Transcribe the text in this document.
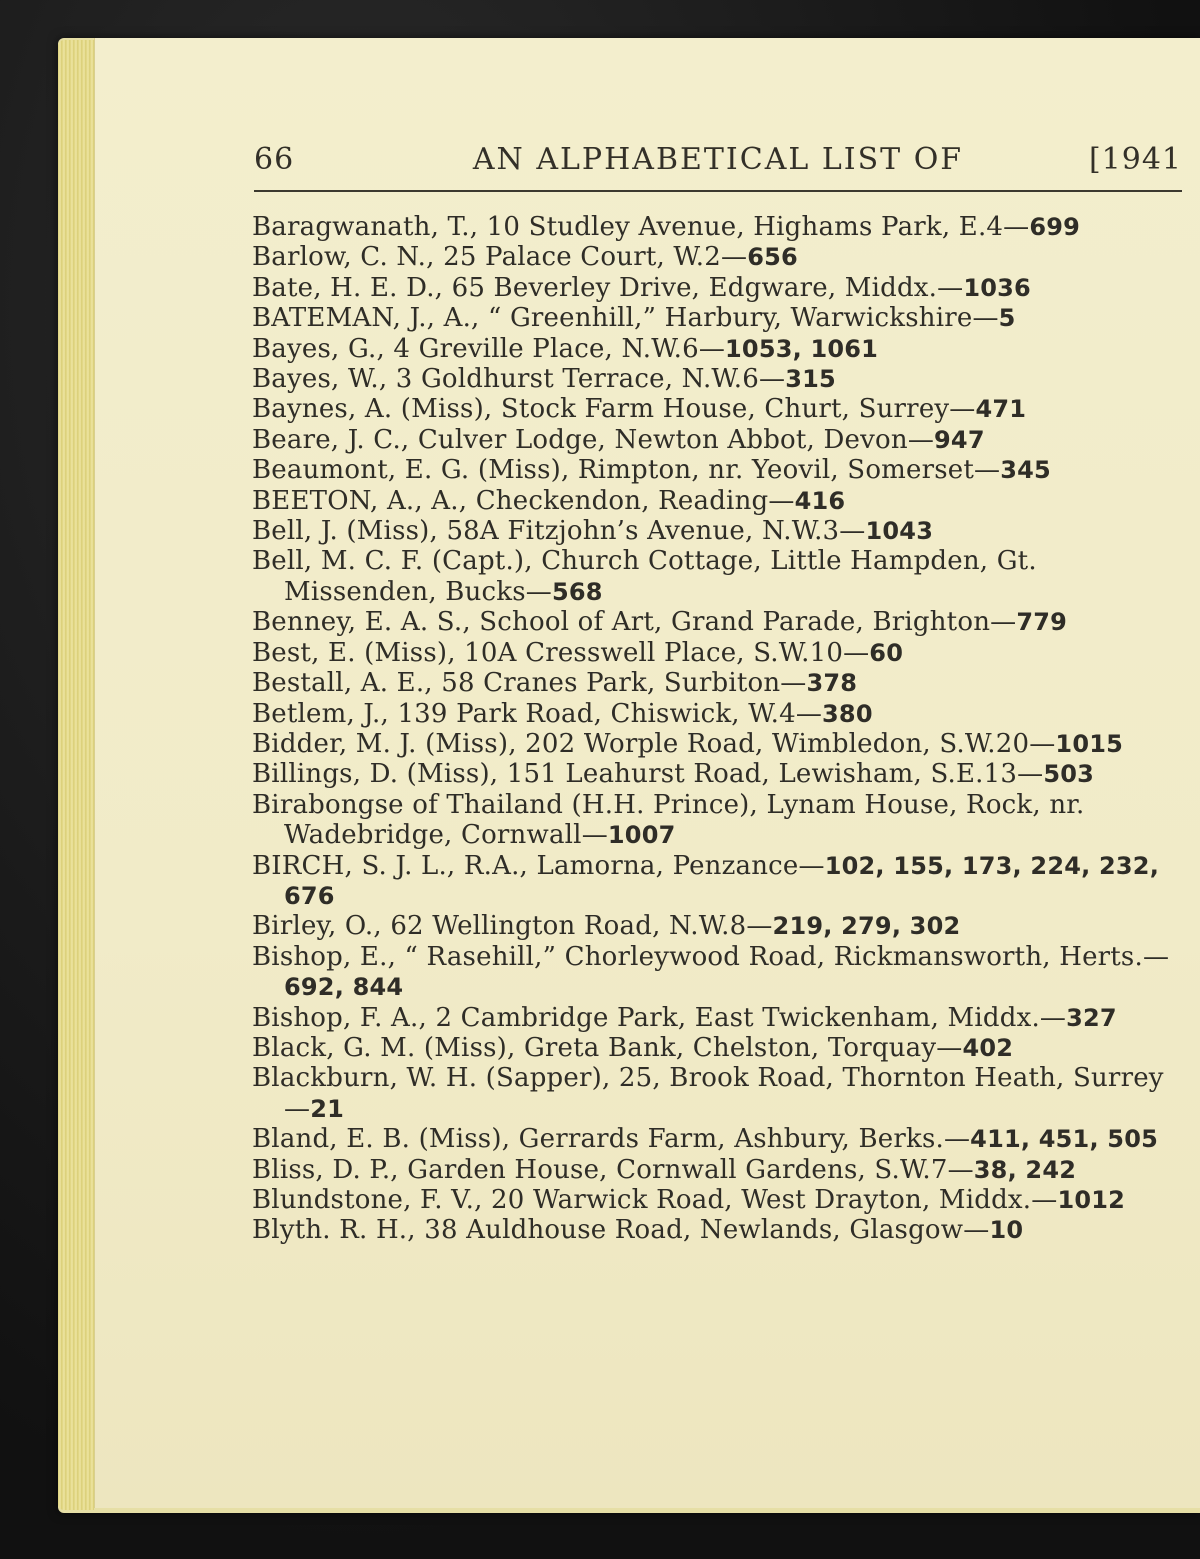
66	AN ALPHABETICAL LIST OF	[1941
Baragwanath, T., 10 Studley Avenue, Highams Park, E.4—699
Barlow, C. N., 25 Palace Court, W.2—656
Bate, H. E. D., 65 Beverley Drive, Edgware, Middx.—1036
BATEMAN, J., A., “ Greenhill,” Harbury, Warwickshire—5
Bayes, G., 4 Greville Place, N.W.6—1053, 1061
Bayes, W., 3 Goldhurst Terrace, N.W.6—315
Baynes, A. (Miss), Stock Farm House, Churt, Surrey—471
Beare, J. C., Culver Lodge, Newton Abbot, Devon—947
Beaumont, E. G. (Miss), Rimpton, nr. Yeovil, Somerset—345
BEETON, A., A., Checkendon, Reading—416
Bell, J. (Miss), 58A Fitzjohn’s Avenue, N.W.3—1043
Bell, M. C. F. (Capt.), Church Cottage, Little Hampden, Gt. Missenden, Bucks—568
Benney, E. A. S., School of Art, Grand Parade, Brighton—779
Best, E. (Miss), 10A Cresswell Place, S.W.10—60
Bestall, A. E., 58 Cranes Park, Surbiton—378
Betlem, J., 139 Park Road, Chiswick, W.4—380
Bidder, M. J. (Miss), 202 Worple Road, Wimbledon, S.W.20—1015
Billings, D. (Miss), 151 Leahurst Road, Lewisham, S.E.13—503
Birabongse of Thailand (H.H. Prince), Lynam House, Rock, nr. Wadebridge, Cornwall—1007
BIRCH, S. J. L., R.A., Lamorna, Penzance—102, 155, 173, 224, 232, 676
Birley, O., 62 Wellington Road, N.W.8—219, 279, 302
Bishop, E., “ Rasehill,” Chorleywood Road, Rickmansworth, Herts.—692, 844
Bishop, F. A., 2 Cambridge Park, East Twickenham, Middx.—327
Black, G. M. (Miss), Greta Bank, Chelston, Torquay—402
Blackburn, W. H. (Sapper), 25, Brook Road, Thornton Heath, Surrey—21
Bland, E. B. (Miss), Gerrards Farm, Ashbury, Berks.—411, 451, 505
Bliss, D. P., Garden House, Cornwall Gardens, S.W.7—38, 242
Blundstone, F. V., 20 Warwick Road, West Drayton, Middx.—1012
Blyth. R. H., 38 Auldhouse Road, Newlands, Glasgow—10
